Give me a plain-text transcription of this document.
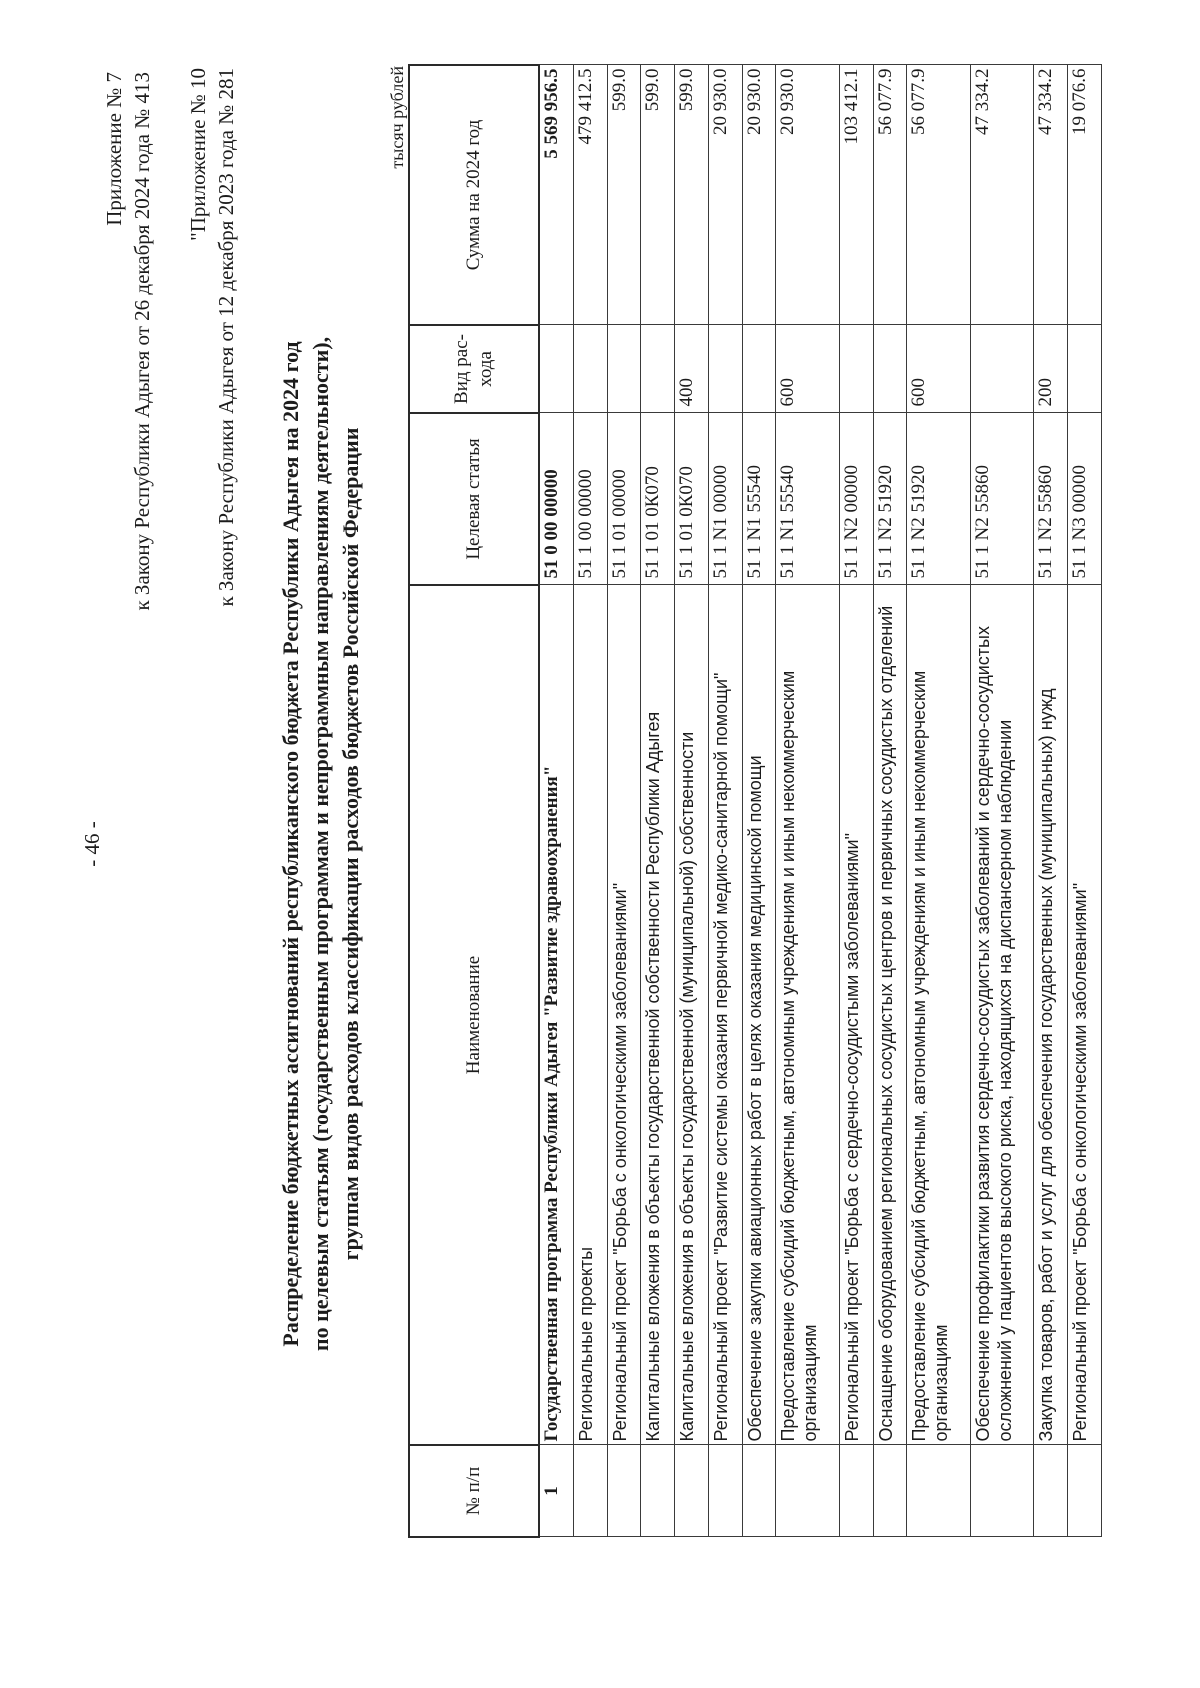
- 46 -
Приложение № 7 к Закону Республики Адыгея от 26 декабря 2024 года № 413 "Приложение № 10 к Закону Республики Адыгея от 12 декабря 2023 года № 281
Распределение бюджетных ассигнований республиканского бюджета Республики Адыгея на 2024 год по целевым статьям (государственным программам и непрограммным направлениям деятельности), группам видов расходов классификации расходов бюджетов Российской Федерации
тысяч рублей
№ п/п	Наименование	Целевая статья	Вид рас- хода	Сумма на 2024 год
1	Государственная программа Республики Адыгея "Развитие здравоохранения"	51 0 00 00000		5 569 956.5
	Региональные проекты	51 1 00 00000		479 412.5
	Региональный проект "Борьба с онкологическими заболеваниями"	51 1 01 00000		599.0
	Капитальные вложения в объекты государственной собственности Республики Адыгея	51 1 01 0К070		599.0
	Капитальные вложения в объекты государственной (муниципальной) собственности	51 1 01 0К070	400	599.0
	Региональный проект "Развитие системы оказания первичной медико-санитарной помощи"	51 1 N1 00000		20 930.0
	Обеспечение закупки авиационных работ в целях оказания медицинской помощи	51 1 N1 55540		20 930.0
	Предоставление субсидий бюджетным, автономным учреждениям и иным некоммерческим организациям	51 1 N1 55540	600	20 930.0
	Региональный проект "Борьба с сердечно-сосудистыми заболеваниями"	51 1 N2 00000		103 412.1
	Оснащение оборудованием региональных сосудистых центров и первичных сосудистых отделений	51 1 N2 51920		56 077.9
	Предоставление субсидий бюджетным, автономным учреждениям и иным некоммерческим организациям	51 1 N2 51920	600	56 077.9
	Обеспечение профилактики развития сердечно-сосудистых заболеваний и сердечно-сосудистых осложнений у пациентов высокого риска, находящихся на диспансерном наблюдении	51 1 N2 55860		47 334.2
	Закупка товаров, работ и услуг для обеспечения государственных (муниципальных) нужд	51 1 N2 55860	200	47 334.2
	Региональный проект "Борьба с онкологическими заболеваниями"	51 1 N3 00000		19 076.6
